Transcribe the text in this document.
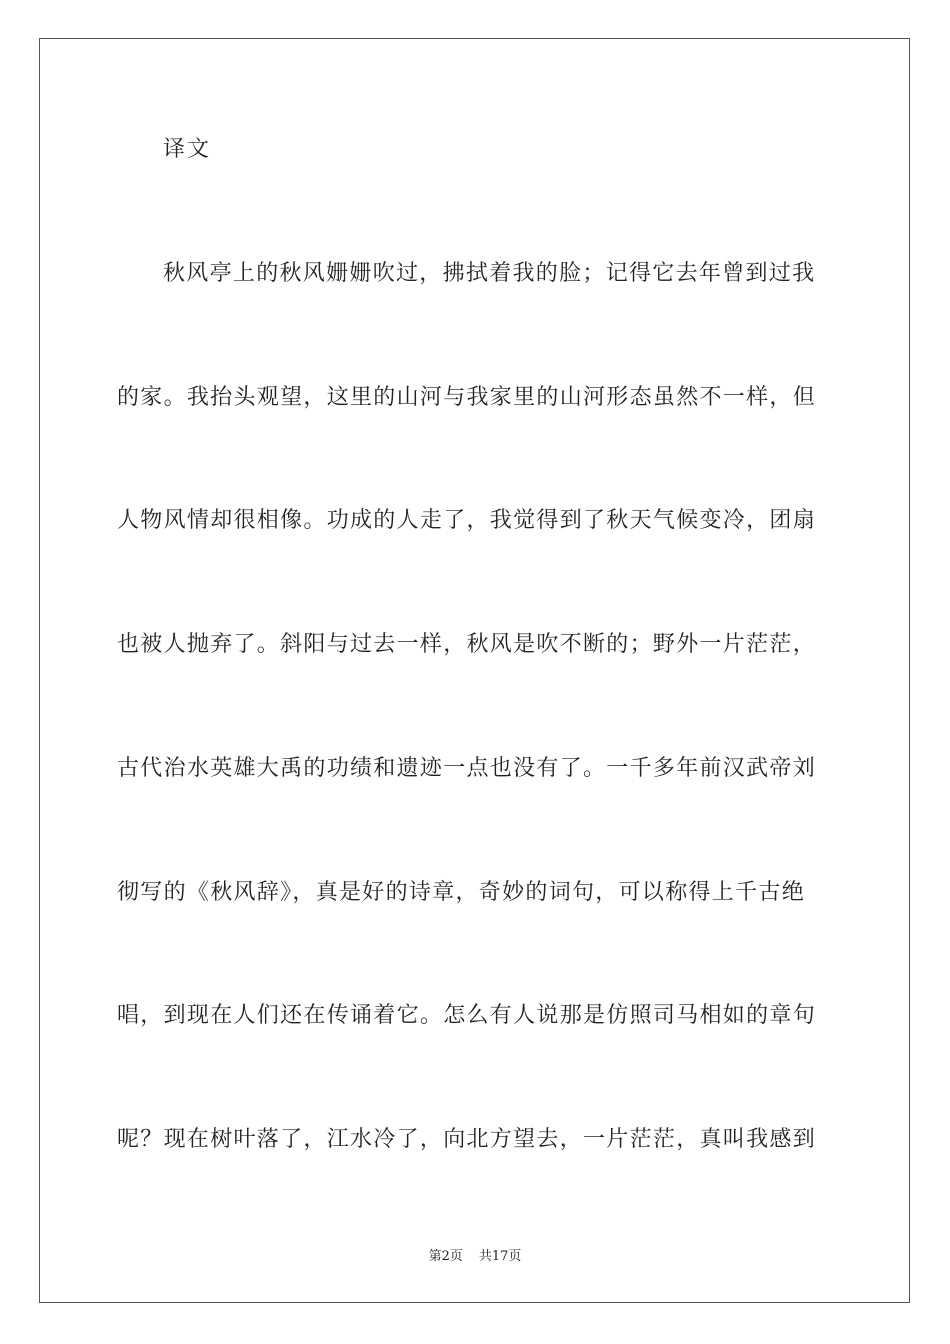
译文
秋风亭上的秋风姗姗吹过，拂拭着我的脸；记得它去年曾到过我
的家。我抬头观望，这里的山河与我家里的山河形态虽然不一样，但
人物风情却很相像。功成的人走了，我觉得到了秋天气候变冷，团扇
也被人抛弃了。斜阳与过去一样，秋风是吹不断的；野外一片茫茫，
古代治水英雄大禹的功绩和遗迹一点也没有了。一千多年前汉武帝刘
彻写的《秋风辞》，真是好的诗章，奇妙的词句，可以称得上千古绝
唱，到现在人们还在传诵着它。怎么有人说那是仿照司马相如的章句
呢？现在树叶落了，江水冷了，向北方望去，一片茫茫，真叫我感到
第2页 共17页
